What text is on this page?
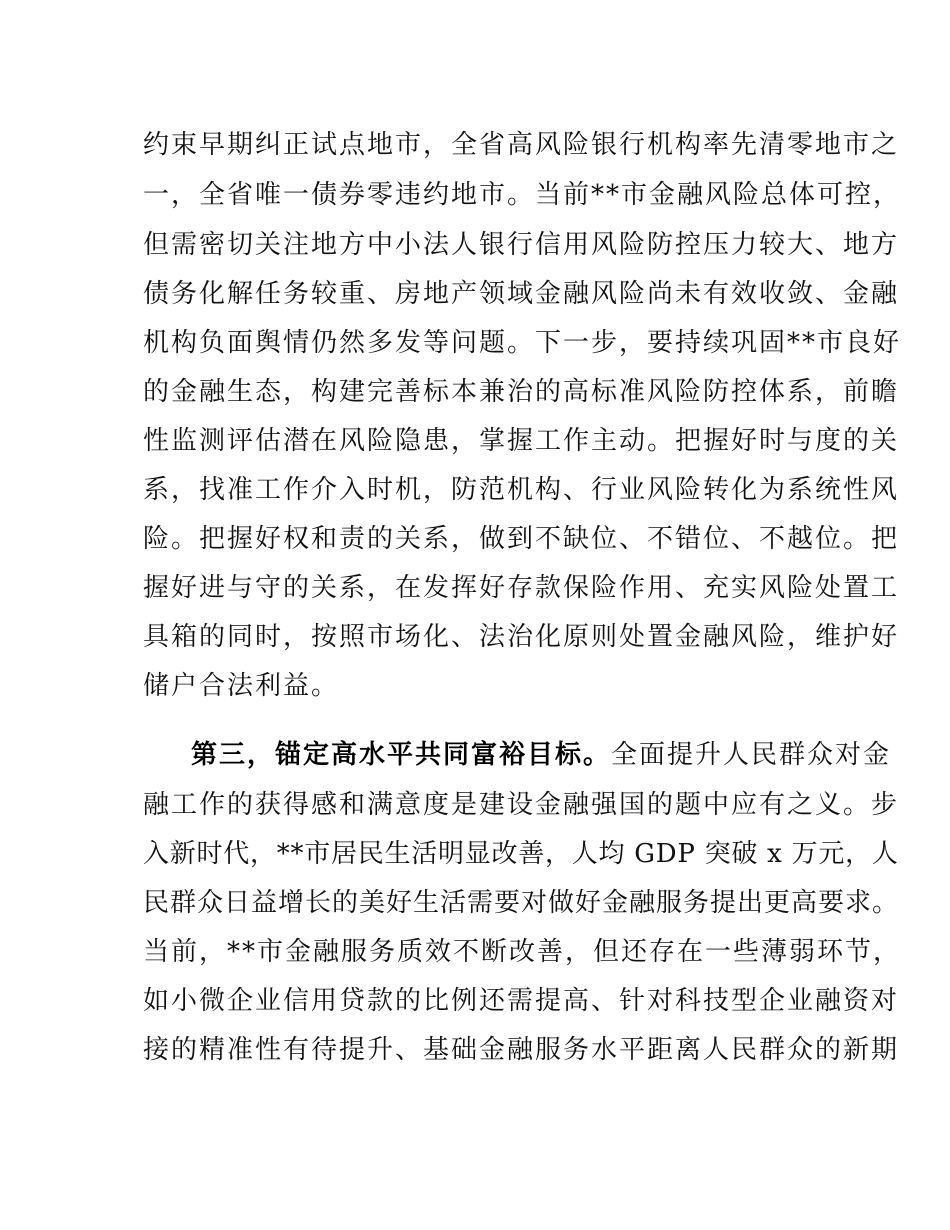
约束早期纠正试点地市，全省高风险银行机构率先清零地市之
一，全省唯一债券零违约地市。当前**市金融风险总体可控，
但需密切关注地方中小法人银行信用风险防控压力较大、地方
债务化解任务较重、房地产领域金融风险尚未有效收敛、金融
机构负面舆情仍然多发等问题。下一步，要持续巩固**市良好
的金融生态，构建完善标本兼治的高标准风险防控体系，前瞻
性监测评估潜在风险隐患，掌握工作主动。把握好时与度的关
系，找准工作介入时机，防范机构、行业风险转化为系统性风
险。把握好权和责的关系，做到不缺位、不错位、不越位。把
握好进与守的关系，在发挥好存款保险作用、充实风险处置工
具箱的同时，按照市场化、法治化原则处置金融风险，维护好
储户合法利益。
第三，锚定高水平共同富裕目标。全面提升人民群众对金
融工作的获得感和满意度是建设金融强国的题中应有之义。步
入新时代，**市居民生活明显改善，人均 GDP 突破 x 万元，人
民群众日益增长的美好生活需要对做好金融服务提出更高要求。
当前，**市金融服务质效不断改善，但还存在一些薄弱环节，
如小微企业信用贷款的比例还需提高、针对科技型企业融资对
接的精准性有待提升、基础金融服务水平距离人民群众的新期
